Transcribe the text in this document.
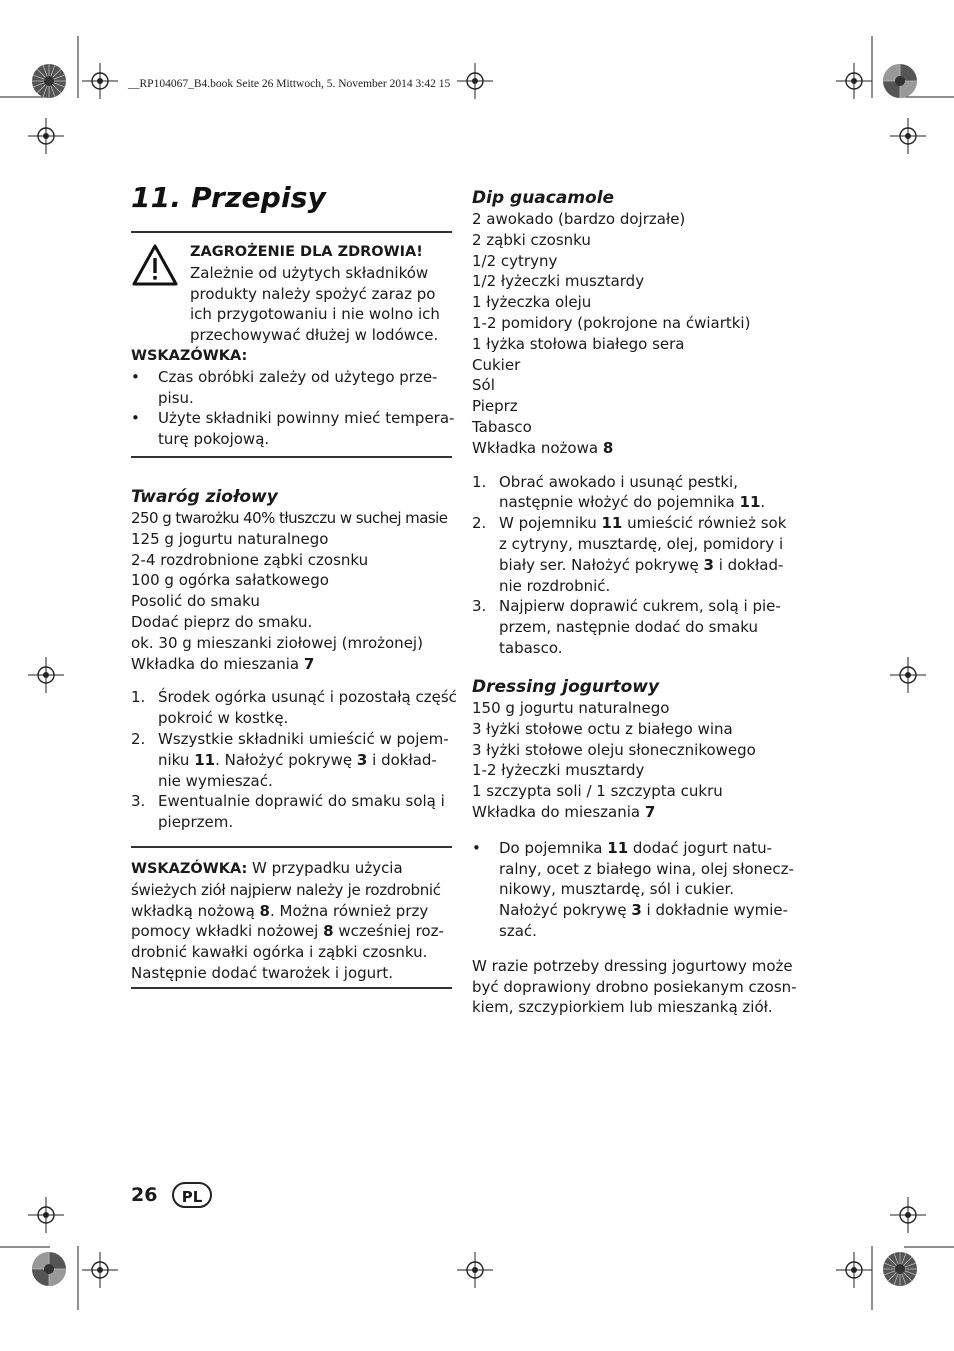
__RP104067_B4.book Seite 26 Mittwoch, 5. November 2014 3:42 15
11. Przepisy
ZAGROŻENIE DLA ZDROWIA!
Zależnie od użytych składników
produkty należy spożyć zaraz po
ich przygotowaniu i nie wolno ich
przechowywać dłużej w lodówce.
WSKAZÓWKA:
• Czas obróbki zależy od użytego prze-
pisu.
• Użyte składniki powinny mieć tempera-
turę pokojową.
Twaróg ziołowy
250 g twarożku 40% tłuszczu w suchej masie
125 g jogurtu naturalnego
2-4 rozdrobnione ząbki czosnku
100 g ogórka sałatkowego
Posolić do smaku
Dodać pieprz do smaku.
ok. 30 g mieszanki ziołowej (mrożonej)
Wkładka do mieszania 7
1. Środek ogórka usunąć i pozostałą część
pokroić w kostkę.
2. Wszystkie składniki umieścić w pojem-
niku 11. Nałożyć pokrywę 3 i dokład-
nie wymieszać.
3. Ewentualnie doprawić do smaku solą i
pieprzem.
WSKAZÓWKA: W przypadku użycia
świeżych ziół najpierw należy je rozdrobnić
wkładką nożową 8. Można również przy
pomocy wkładki nożowej 8 wcześniej roz-
drobnić kawałki ogórka i ząbki czosnku.
Następnie dodać twarożek i jogurt.
Dip guacamole
2 awokado (bardzo dojrzałe)
2 ząbki czosnku
1/2 cytryny
1/2 łyżeczki musztardy
1 łyżeczka oleju
1-2 pomidory (pokrojone na ćwiartki)
1 łyżka stołowa białego sera
Cukier
Sól
Pieprz
Tabasco
Wkładka nożowa 8
1. Obrać awokado i usunąć pestki,
następnie włożyć do pojemnika 11.
2. W pojemniku 11 umieścić również sok
z cytryny, musztardę, olej, pomidory i
biały ser. Nałożyć pokrywę 3 i dokład-
nie rozdrobnić.
3. Najpierw doprawić cukrem, solą i pie-
przem, następnie dodać do smaku
tabasco.
Dressing jogurtowy
150 g jogurtu naturalnego
3 łyżki stołowe octu z białego wina
3 łyżki stołowe oleju słonecznikowego
1-2 łyżeczki musztardy
1 szczypta soli / 1 szczypta cukru
Wkładka do mieszania 7
• Do pojemnika 11 dodać jogurt natu-
ralny, ocet z białego wina, olej słonecz-
nikowy, musztardę, sól i cukier.
Nałożyć pokrywę 3 i dokładnie wymie-
szać.
W razie potrzeby dressing jogurtowy może
być doprawiony drobno posiekanym czosn-
kiem, szczypiorkiem lub mieszanką ziół.
26	PL
